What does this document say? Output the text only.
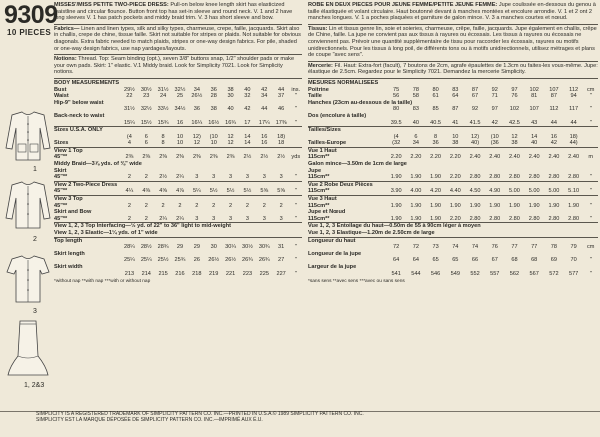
9309
10 PIECES
1
2
3
1, 2&3
MISSES'/MISS PETITE TWO-PIECE DRESS: Pull-on below knee length skirt has elasticized waistline and circular flounce. Button front top has set-in sleeve and round neck. V. 1 and 2 have long sleeves V. 1 has patch pockets and middy braid trim. V. 3 has short sleeve and bow.
Fabrics— Linen and linen types, silk and silky types, charmeuse, crepe, faille, jacquards. Skirt also in challis, crepe de chine, tissue faille. Skirt not suitable for stripes or plaids. Not suitable for obvious diagonals. Extra fabric needed to match plaids, stripes or one-way design fabrics. For pile, shaded or one-way design fabrics, use nap yardages/layouts.
Notions: Thread. Top: Seam binding (opt.), seven 3/8" buttons snap, 1/2" shoulder pads or make your own pads. Skirt: 1" elastic. V.1 Middy braid. Look for Simplicity 7021. Look for Simplicity notions.
BODY MEASUREMENTS
Bust	29½	30½	31½	32½	34	36	38	40	42	44	ins.
Waist	22	23	24	25	26½	28	30	32	34	37	"
Hip-9" below waist											
	31½	32½	33½	34½	36	38	40	42	44	46	"
Back-neck to waist											
	15¼	15½	15¾	16	16¼	16½	16¾	17	17¼	17⅜	"
Sizes U.S.A. ONLY											
	(4	6	8	10	12)	(10	12	14	16	18)	
Sizes	4	6	8	10	12	10	12	14	16	18	
View 1 Top											
45"**	2⅜	2⅜	2⅜	2⅜	2⅜	2⅜	2⅜	2½	2½	2½	yds
Middy Braid—3⅞ yds. of ⅜" wide											
Skirt											
45"**	2	2	2½	2¼	3	3	3	3	3	3	"
View 2 Two-Piece Dress											
45"**	4¼	4⅜	4⅝	4⅞	5¼	5½	5½	5½	5⅝	5⅝	"
View 3 Top											
45"**	2	2	2	2	2	2	2	2	2	2	"
Skirt and Bow											
45"**	2	2	2¼	2¼	3	3	3	3	3	3	"
View 1, 2, 3 Top Interfacing—½ yd. of 22" to 36" light to mid-weight											
View 1, 2, 3 Elastic—1¼ yds. of 1" wide											
Top length											
	28¼	28½	28¾	29	29	30	30¼	30½	30¾	31	"
Skirt length											
	25¼	25¼	25½	25¾	26	26½	26½	26¾	26¾	27	"
Skirt width											
	213	214	215	216	218	219	221	223	225	227	"
*without nap **with nap ***with or without nap
ROBE EN DEUX PIECES POUR JEUNE FEMME/PETITE JEUNE FEMME: Jupe coulissée en-dessous du genou à taille élastiquée et volant circulaire. Haut boutonné devant à manches montées et encolure arrondie. V. 1 et 2 ont 2 manches longues. V. 1 a poches plaquées et garniture de galon mince. V. 3 a manches courtes et nœud.
Tissus: Lin et tissus genre lin, soie et soieries, charmeuse, crêpe, faille, jacquards. Jupe également en challis, crêpe de Chine, faille. La jupe ne convient pas aux tissus à rayures ou écossais. Les tissus à rayures ou écossais ne conviennent pas. Prévoir une quantité supplémentaire de tissu pour raccorder les écossais, rayures ou motifs unidirectionnels. Pour les tissus à long poil, de différents tons ou à motifs unidirectionnels, utilisez métrages et plans de coupe "avec sens".
Mercerie: Fil. Haut: Extra-fort (facult), 7 boutons de 2cm, agrafe épaulettes de 1.3cm ou faites-les vous-même. Jupe: élastique de 2.5cm. Regardez pour le Simplicity 7021. Demandez la mercerie Simplicity.
MESURES NORMALISEES
Poitrine	75	78	80	83	87	92	97	102	107	112	cm
Taille	56	58	61	64	67	71	76	81	87	94	"
Hanches (23cm au-dessous de la taille)											
	80	83	85	87	92	97	102	107	112	117	"
Dos (encolure à taille)											
	39.5	40	40.5	41	41.5	42	42.5	43	44	44	"
Tailles/Sizes											
	(4	6	8	10	12)	(10	12	14	16	18)	
Tailles-Europe	(32	34	36	38	40)	(36	38	40	42	44)	
Vue 1 Haut											
115cm**	2.20	2.20	2.20	2.20	2.40	2.40	2.40	2.40	2.40	2.40	m
Galon mince—3.50m de 1cm de large											
Jupe											
115cm**	1.90	1.90	1.90	2.20	2.80	2.80	2.80	2.80	2.80	2.80	"
Vue 2 Robe Deux Pièces											
115cm**	3.90	4.00	4.20	4.40	4.50	4.90	5.00	5.00	5.00	5.10	"
Vue 3 Haut											
115cm**	1.90	1.90	1.90	1.90	1.90	1.90	1.90	1.90	1.90	1.90	"
Jupe et Nœud											
115cm**	1.90	1.90	1.90	2.20	2.80	2.80	2.80	2.80	2.80	2.80	"
Vue 1, 2, 3 Entoilage du haut—0.50m de 55 à 90cm léger à moyen											
Vue 1, 2, 3 Elastique—1.20m de 2.50cm de large											
Longueur du haut											
	72	72	73	74	74	76	77	77	78	79	cm
Longueur de la jupe											
	64	64	65	65	66	67	68	68	69	70	"
Largeur de la jupe											
	541	544	546	549	552	557	562	567	572	577	"
*sans sens **avec sens ***avec ou sans sens
SIMPLICITY IS A REGISTERED TRADEMARK OF SIMPLICITY PATTERN CO. INC.—PRINTED IN U.S.A.© 1989 SIMPLICITY PATTERN CO. INC.
SIMPLICITY EST LA MARQUE DÉPOSÉE DE SIMPLICITY PATTERN CO. INC.—IMPRIMÉ AUX É.U.
